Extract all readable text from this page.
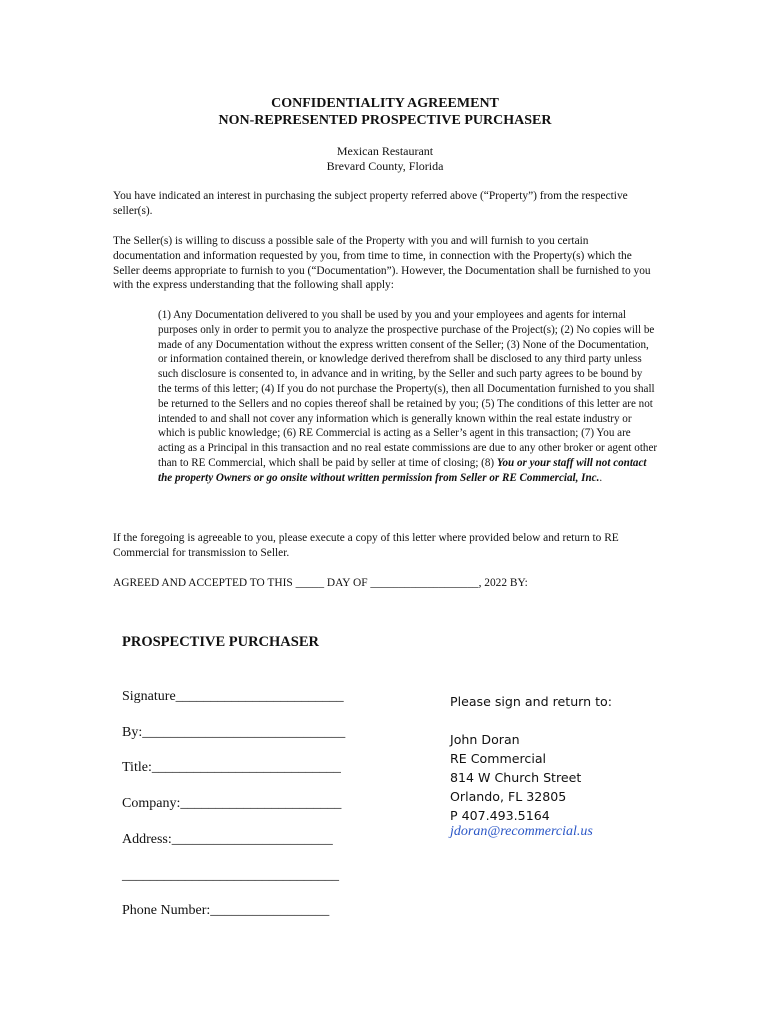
CONFIDENTIALITY AGREEMENT
NON-REPRESENTED PROSPECTIVE PURCHASER
Mexican Restaurant
Brevard County, Florida
You have indicated an interest in purchasing the subject property referred above (“Property”) from the respective seller(s).
The Seller(s) is willing to discuss a possible sale of the Property with you and will furnish to you certain documentation and information requested by you, from time to time, in connection with the Property(s) which the Seller deems appropriate to furnish to you (“Documentation”). However, the Documentation shall be furnished to you with the express understanding that the following shall apply:
(1) Any Documentation delivered to you shall be used by you and your employees and agents for internal purposes only in order to permit you to analyze the prospective purchase of the Project(s); (2) No copies will be made of any Documentation without the express written consent of the Seller; (3) None of the Documentation, or information contained therein, or knowledge derived therefrom shall be disclosed to any third party unless such disclosure is consented to, in advance and in writing, by the Seller and such party agrees to be bound by the terms of this letter; (4) If you do not purchase the Property(s), then all Documentation furnished to you shall be returned to the Sellers and no copies thereof shall be retained by you; (5) The conditions of this letter are not intended to and shall not cover any information which is generally known within the real estate industry or which is public knowledge; (6) RE Commercial is acting as a Seller’s agent in this transaction; (7) You are acting as a Principal in this transaction and no real estate commissions are due to any other broker or agent other than to RE Commercial, which shall be paid by seller at time of closing; (8) You or your staff will not contact the property Owners or go onsite without written permission from Seller or RE Commercial, Inc..
If the foregoing is agreeable to you, please execute a copy of this letter where provided below and return to RE Commercial for transmission to Seller.
AGREED AND ACCEPTED TO THIS _____ DAY OF ___________________, 2022 BY:
PROSPECTIVE PURCHASER
Signature________________________
By:_____________________________
Title:___________________________
Company:_______________________
Address:_______________________
_______________________________
Phone Number:_________________
Please sign and return to:
John Doran
RE Commercial
814 W Church Street
Orlando, FL 32805
P 407.493.5164
jdoran@recommercial.us
